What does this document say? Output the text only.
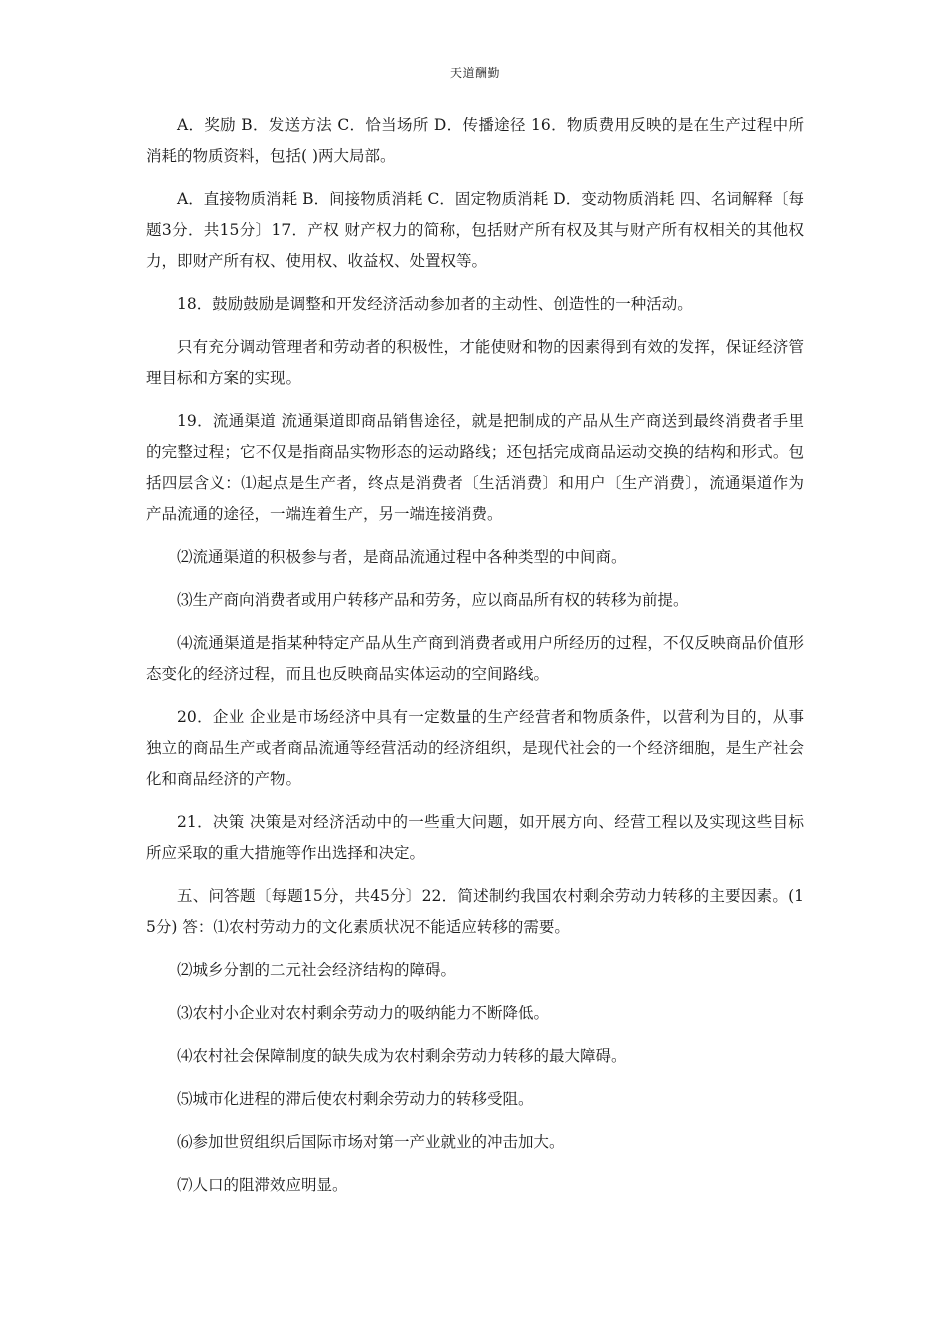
天道酬勤

A．奖励 B．发送方法 C．恰当场所 D．传播途径 16．物质费用反映的是在生产过程中所消耗的物质资料，包括( )两大局部。

A．直接物质消耗 B．间接物质消耗 C．固定物质消耗 D．变动物质消耗 四、名词解释〔每题3分．共15分〕17．产权 财产权力的简称，包括财产所有权及其与财产所有权相关的其他权力，即财产所有权、使用权、收益权、处置权等。

18．鼓励鼓励是调整和开发经济活动参加者的主动性、创造性的一种活动。

只有充分调动管理者和劳动者的积极性，才能使财和物的因素得到有效的发挥，保证经济管理目标和方案的实现。

19．流通渠道 流通渠道即商品销售途径，就是把制成的产品从生产商送到最终消费者手里的完整过程；它不仅是指商品实物形态的运动路线；还包括完成商品运动交换的结构和形式。包括四层含义：⑴起点是生产者，终点是消费者〔生活消费〕和用户〔生产消费〕，流通渠道作为产品流通的途径，一端连着生产，另一端连接消费。

⑵流通渠道的积极参与者，是商品流通过程中各种类型的中间商。

⑶生产商向消费者或用户转移产品和劳务，应以商品所有权的转移为前提。

⑷流通渠道是指某种特定产品从生产商到消费者或用户所经历的过程，不仅反映商品价值形态变化的经济过程，而且也反映商品实体运动的空间路线。

20．企业 企业是市场经济中具有一定数量的生产经营者和物质条件，以营利为目的，从事独立的商品生产或者商品流通等经营活动的经济组织，是现代社会的一个经济细胞，是生产社会化和商品经济的产物。

21．决策 决策是对经济活动中的一些重大问题，如开展方向、经营工程以及实现这些目标所应采取的重大措施等作出选择和决定。

五、问答题〔每题15分，共45分〕22．简述制约我国农村剩余劳动力转移的主要因素。(15分) 答：⑴农村劳动力的文化素质状况不能适应转移的需要。

⑵城乡分割的二元社会经济结构的障碍。

⑶农村小企业对农村剩余劳动力的吸纳能力不断降低。

⑷农村社会保障制度的缺失成为农村剩余劳动力转移的最大障碍。

⑸城市化进程的滞后使农村剩余劳动力的转移受阻。

⑹参加世贸组织后国际市场对第一产业就业的冲击加大。

⑺人口的阻滞效应明显。
